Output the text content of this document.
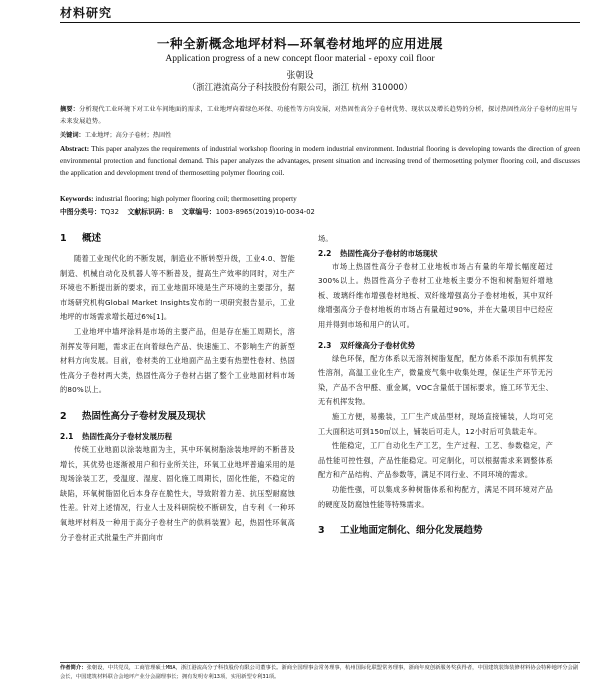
材料研究
一种全新概念地坪材料—环氧卷材地坪的应用进展
Application progress of a new concept floor material - epoxy coil floor
张朝设
（浙江港流高分子科技股份有限公司，浙江 杭州 310000）
摘要：分析现代工业环境下对工业车间地面的需求，工业地坪向着绿色环保、功能性等方向发展，对热固性高分子卷材优势、现状以及增长趋势的分析，探讨热固性高分子卷材的应用与未来发展趋势。
关键词：工业地坪；高分子卷材；热固性
Abstract: This paper analyzes the requirements of industrial workshop flooring in modern industrial environment. Industrial flooring is developing towards the direction of green environmental protection and functional demand. This paper analyzes the advantages, present situation and increasing trend of thermosetting polymer flooring coil, and discusses the application and development trend of thermosetting polymer flooring coil.
Keywords: industrial flooring; high polymer flooring coil; thermosetting property
中图分类号：TQ32 文献标识码：B 文章编号：1003-8965(2019)10-0034-02
1 概述

随着工业现代化的不断发展，制造业不断转型升级，工业4.0、智能制造、机械自动化及机器人等不断普及，提高生产效率的同时，对生产环境也不断提出新的要求，而工业地面环境是生产环境的主要部分，据市场研究机构Global Market Insights发布的一项研究报告显示，工业地坪的市场需求增长超过6%[1]。

工业地坪中墙坪涂料是市场的主要产品，但是存在施工周期长，溶剂挥发等问题，需求正在向着绿色产品、快速施工、不影响生产的新型材料方向发展。目前，卷材类的工业地面产品主要有热塑性卷材、热固性高分子卷材两大类，热固性高分子卷材占据了整个工业地面材料市场的80%以上。

2 热固性高分子卷材发展及现状
2.1 热固性高分子卷材发展历程

传统工业地面以涂装地面为主，其中环氧树脂涂装地坪的不断普及增长，其优势也逐渐被用户和行业所关注，环氧工业地坪普遍采用的是现场涂装工艺，受温度、湿度、固化施工周期长，固化性能，不稳定的缺陷，环氧树脂固化后本身存在脆性大，导致附着力差、抗压型耐腐蚀性差。针对上述情况，行业人士及科研院校不断研发，自专利《一种环氧地坪材料及一种用于高分子卷材生产的供料装置》起，热固性环氧高分子卷材正式批量生产并面向市

场。

2.2 热固性高分子卷材的市场现状

市场上热固性高分子卷材工业地板市场占有量的年增长幅度超过300%以上。热固性高分子卷材工业地板主要分不饱和树脂短纤增地板、玻璃纤维布增强卷材地板、双纤缘增强高分子卷材地板，其中双纤缘增强高分子卷材地板的市场占有量超过90%，并在大量项目中已经应用并得到市场和用户的认可。

2.3 双纤缘高分子卷材优势

绿色环保，配方体系以无溶剂树脂复配，配方体系不添加有机挥发性溶剂，高温工业化生产，微量废气集中收集处理，保证生产环节无污染，产品不含甲醛、重金属，VOC含量低于国标要求，施工环节无尘、无有机挥发物。

施工方便，易搬装，工厂生产成品型材，现场直接铺装，人均可完工大面积达可到150㎡以上，铺装后可走人，12小时后可负载走车。

性能稳定，工厂自动化生产工艺，生产过程、工艺、参数稳定，产品性能可控性强，产品性能稳定。可定制化，可以根据需求来调整体系配方和产品结构、产品参数等，满足不同行业、不同环境的需求。

功能性强，可以集成多种树脂体系和构配方，满足不同环境对产品的硬度及防腐蚀性能等特殊需求。

3 工业地面定制化、细分化发展趋势
作者简介：张朝设，中共党员，工商管理硕士MBA，浙江港流高分子科技股份有限公司董事长。浙商全国理事会常务理事，杭州国际化联盟常务理事，浙商年度创新服务奖获得者，中国建筑装饰装修材料协会特种地坪分会副会长，中国建筑材料联合会地坪产业分会副理事长；拥有发明专利13项，实用新型专利31项。
